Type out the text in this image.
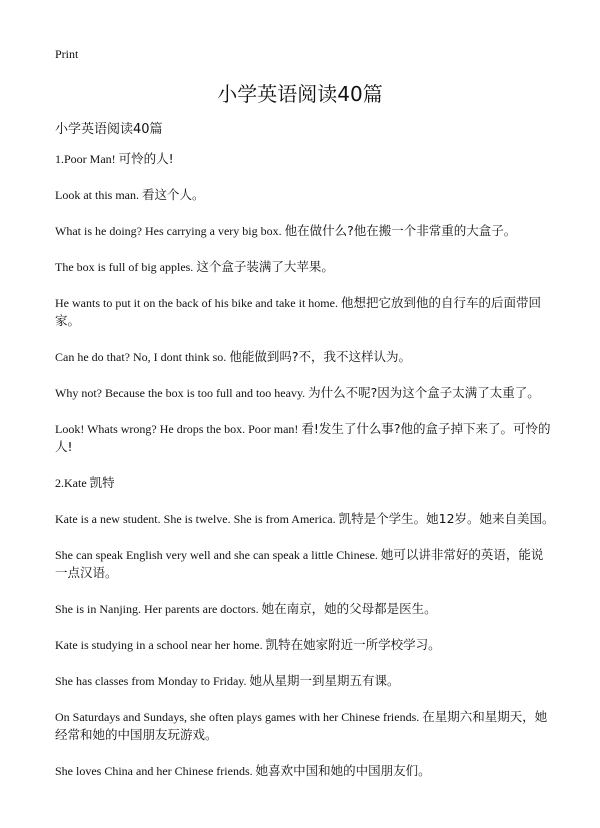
Print
小学英语阅读40篇
小学英语阅读40篇
1.Poor Man! 可怜的人!

Look at this man. 看这个人。

What is he doing? Hes carrying a very big box. 他在做什么?他在搬一个非常重的大盒子。

The box is full of big apples. 这个盒子装满了大苹果。

He wants to put it on the back of his bike and take it home. 他想把它放到他的自行车的后面带回家。

Can he do that? No, I dont think so. 他能做到吗?不，我不这样认为。

Why not? Because the box is too full and too heavy. 为什么不呢?因为这个盒子太满了太重了。

Look! Whats wrong? He drops the box. Poor man! 看!发生了什么事?他的盒子掉下来了。可怜的人!

2.Kate 凯特

Kate is a new student. She is twelve. She is from America. 凯特是个学生。她12岁。她来自美国。

She can speak English very well and she can speak a little Chinese. 她可以讲非常好的英语，能说一点汉语。

She is in Nanjing. Her parents are doctors. 她在南京，她的父母都是医生。

Kate is studying in a school near her home. 凯特在她家附近一所学校学习。

She has classes from Monday to Friday. 她从星期一到星期五有课。

On Saturdays and Sundays, she often plays games with her Chinese friends. 在星期六和星期天，她经常和她的中国朋友玩游戏。

She loves China and her Chinese friends. 她喜欢中国和她的中国朋友们。
